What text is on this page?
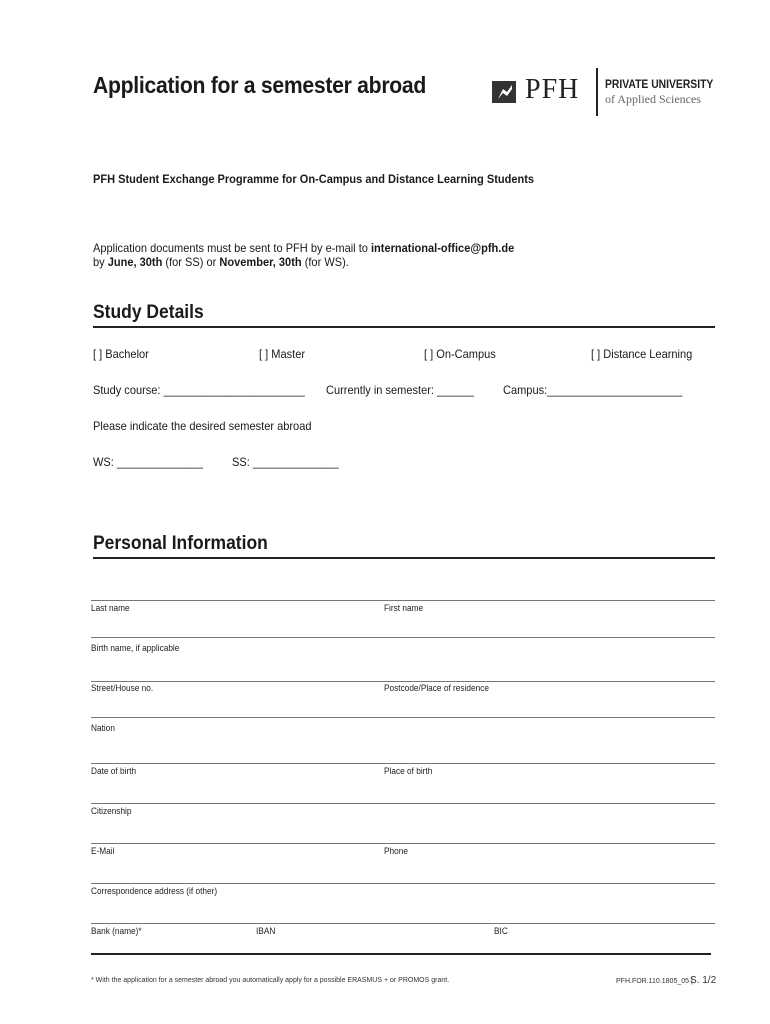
Application for a semester abroad	PFH PRIVATE UNIVERSITY
of Applied Sciences
PFH Student Exchange Programme for On-Campus and Distance Learning Students
Application documents must be sent to PFH by e-mail to international-office@pfh.de
by June, 30th (for SS) or November, 30th (for WS).
Study Details
[ ] Bachelor	[ ] Master	[ ] On-Campus	[ ] Distance Learning
Study course: _______________________ Currently in semester: ______ Campus:______________________
Please indicate the desired semester abroad
WS: ______________ SS: ______________
Personal Information
Last name	First name
Birth name, if applicable
Street/House no.	Postcode/Place of residence
Nation
Date of birth	Place of birth
Citizenship
E-Mail	Phone
Correspondence address (if other)
Bank (name)*	IBAN	BIC
* With the application for a semester abroad you automatically apply for a possible ERASMUS + or PROMOS grant.	PFH.FOR.110.1805_05 |
S. 1/2
